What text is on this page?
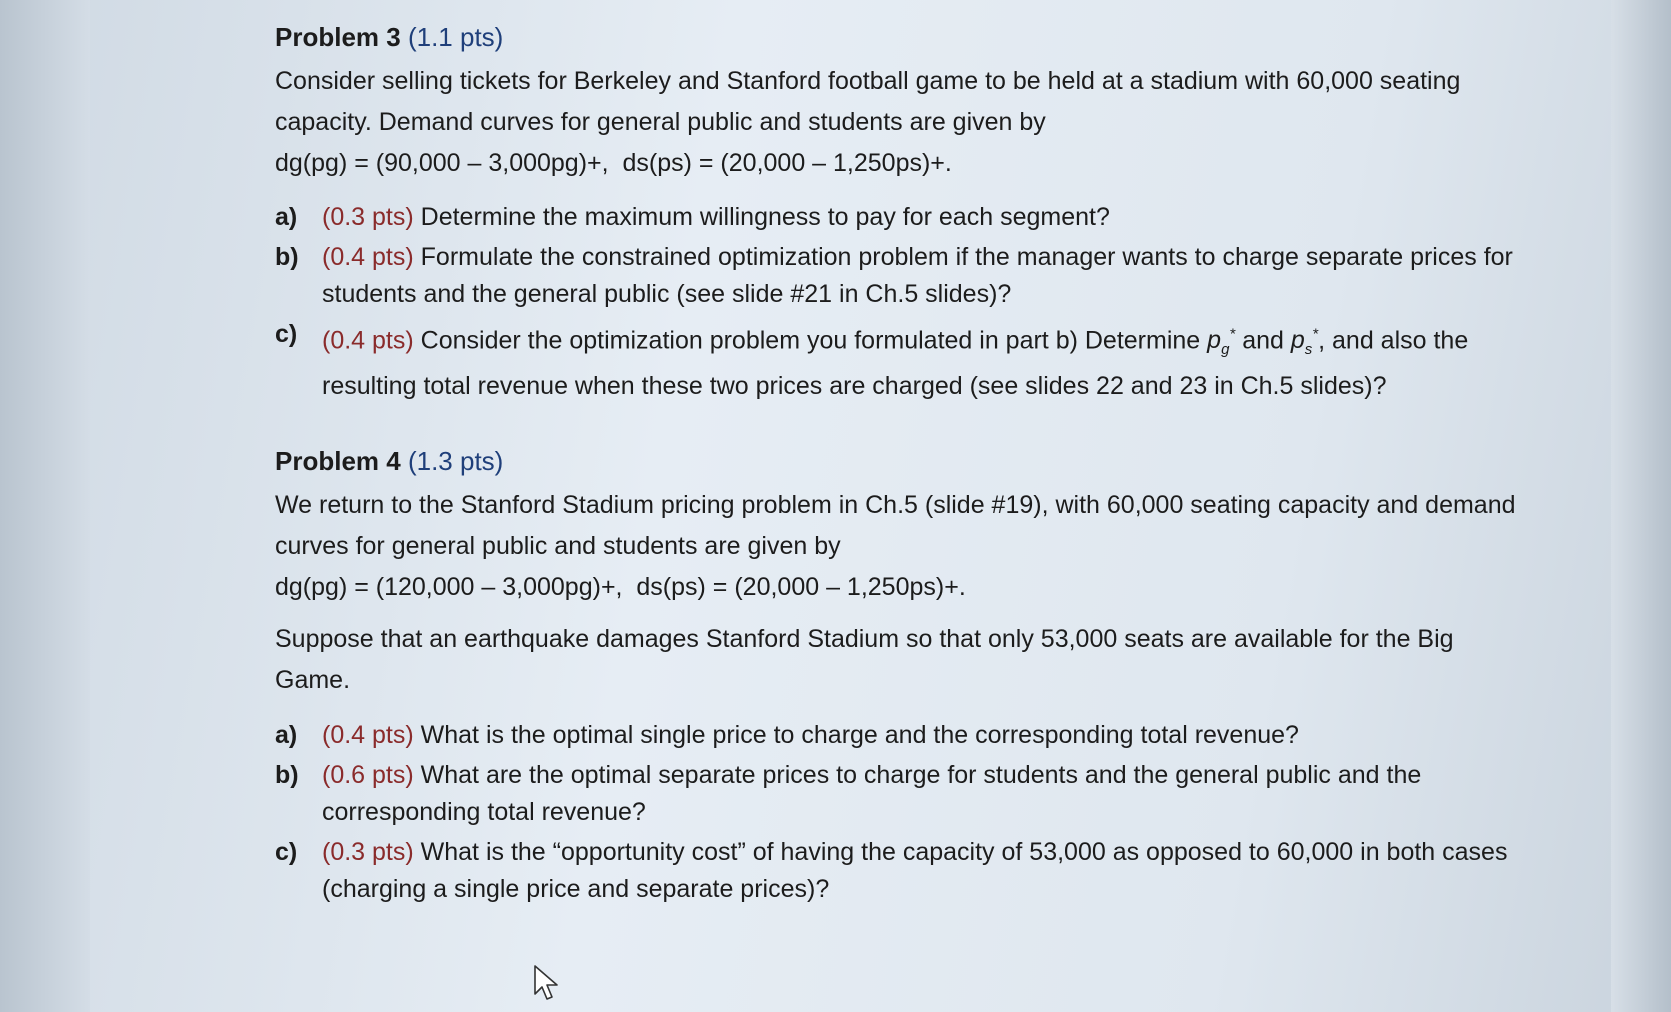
Problem 3 (1.1 pts)

Consider selling tickets for Berkeley and Stanford football game to be held at a stadium with 60,000 seating capacity. Demand curves for general public and students are given by

dg(pg) = (90,000 – 3,000pg)+,  ds(ps) = (20,000 – 1,250ps)+.

a) (0.3 pts) Determine the maximum willingness to pay for each segment?
b) (0.4 pts) Formulate the constrained optimization problem if the manager wants to charge separate prices for students and the general public (see slide #21 in Ch.5 slides)?
c) (0.4 pts) Consider the optimization problem you formulated in part b) Determine $p_g^*$ and $p_s^*$, and also the resulting total revenue when these two prices are charged (see slides 22 and 23 in Ch.5 slides)?
Problem 4 (1.3 pts)

We return to the Stanford Stadium pricing problem in Ch.5 (slide #19), with 60,000 seating capacity and demand curves for general public and students are given by

dg(pg) = (120,000 – 3,000pg)+,  ds(ps) = (20,000 – 1,250ps)+.

Suppose that an earthquake damages Stanford Stadium so that only 53,000 seats are available for the Big Game.

a) (0.4 pts) What is the optimal single price to charge and the corresponding total revenue?
b) (0.6 pts) What are the optimal separate prices to charge for students and the general public and the corresponding total revenue?
c) (0.3 pts) What is the “opportunity cost” of having the capacity of 53,000 as opposed to 60,000 in both cases (charging a single price and separate prices)?
